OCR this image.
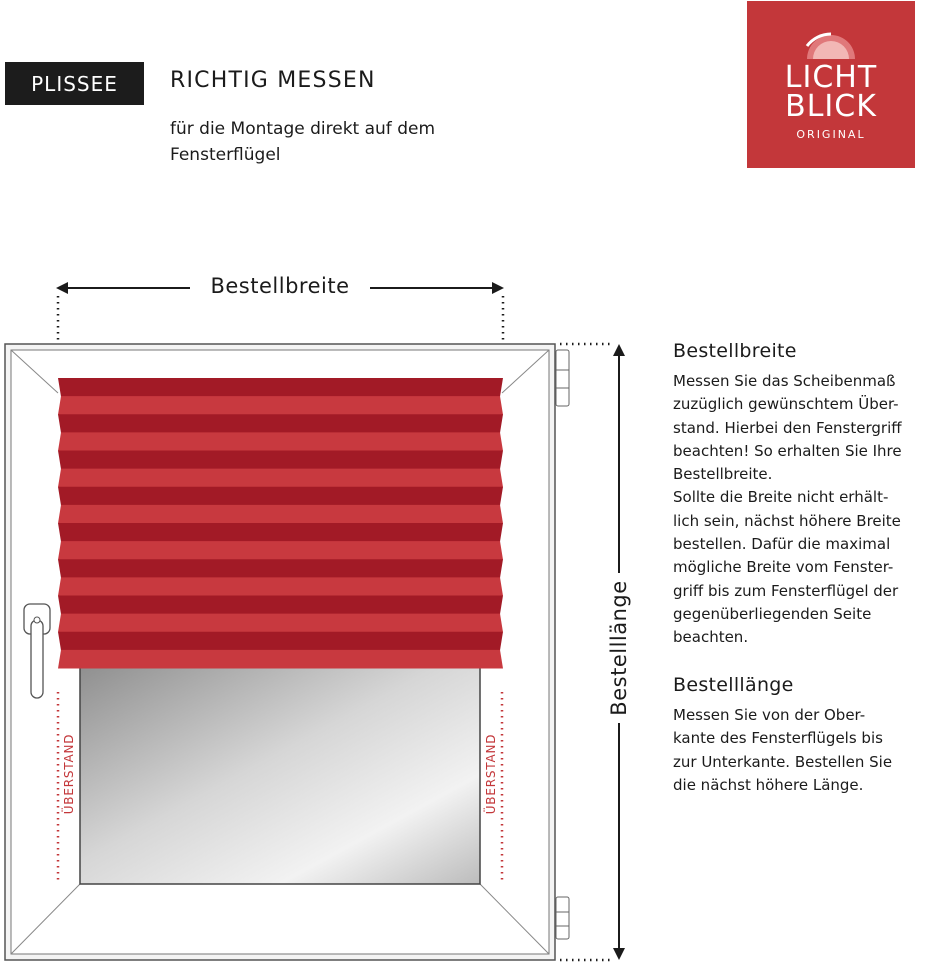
PLISSEE RICHTIG MESSEN
für die Montage direkt auf dem Fensterflügel
LICHT
BLICK
ORIGINAL
Bestellbreite
Bestelllänge
ÜBERSTAND	ÜBERSTAND
Bestellbreite

Messen Sie das Scheibenmaß
zuzüglich gewünschtem Über-
stand. Hierbei den Fenstergriff
beachten! So erhalten Sie Ihre
Bestellbreite.
Sollte die Breite nicht erhält-
lich sein, nächst höhere Breite
bestellen. Dafür die maximal
mögliche Breite vom Fenster-
griff bis zum Fensterflügel der
gegenüberliegenden Seite
beachten.

Bestelllänge

Messen Sie von der Ober-
kante des Fensterflügels bis
zur Unterkante. Bestellen Sie
die nächst höhere Länge.
